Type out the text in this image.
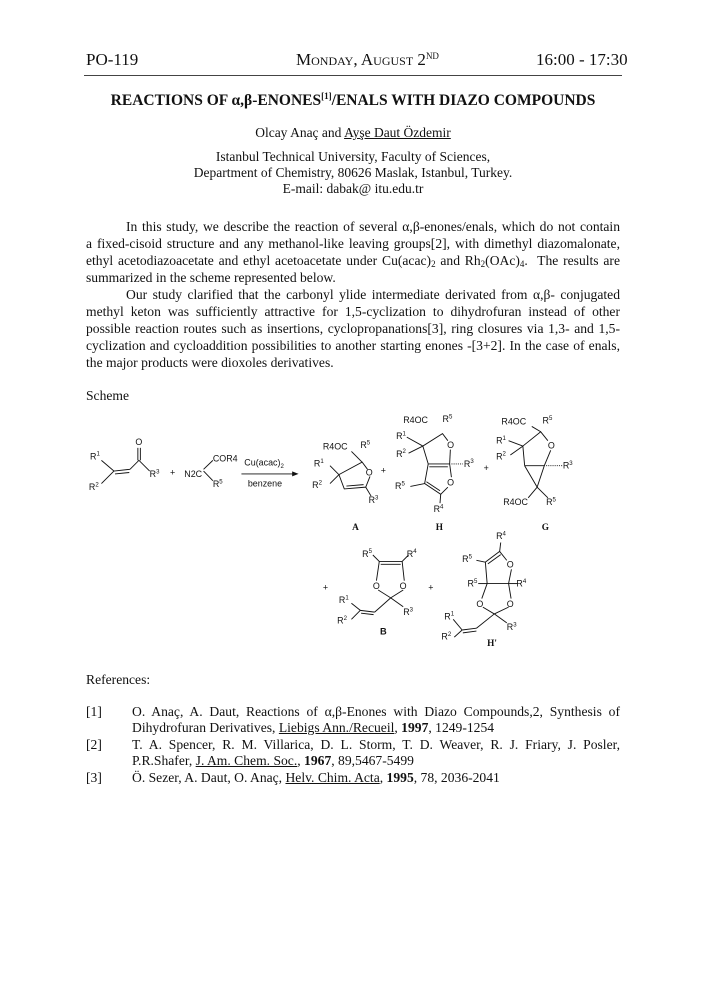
PO-119	Monday, August 2ND	16:00 - 17:30
REACTIONS OF α,β-ENONES[1]/ENALS WITH DIAZO COMPOUNDS
Olcay Anaç and Ayşe Daut Özdemir
Istanbul Technical University, Faculty of Sciences,
Department of Chemistry, 80626 Maslak, Istanbul, Turkey.
E-mail: dabak@ itu.edu.tr
In this study, we describe the reaction of several α,β-enones/enals, which do not contain
a fixed-cisoid structure and any methanol-like leaving groups[2], with dimethyl diazomalonate,
ethyl acetodiazoacetate and ethyl acetoacetate under $Cu(acac)_2$ and $Rh_2(OAc)_4$.  The results are
summarized in the scheme represented below.
Our study clarified that the carbonyl ylide intermediate derivated from α,β- conjugated
methyl keton was sufficiently attractive for 1,5-cyclization to dihydrofuran instead of other
possible reaction routes such as insertions, cyclopropanations[3], ring closures via 1,3- and 1,5-
cyclization and cycloaddition possibilities to another starting enones -[3+2]. In the case of enals,
the major products were dioxoles derivatives.
Scheme
O
$R^1$
$R^2$
$R^3 + N2C$
COR4
$R^5$
$Cu(acac)_2$
benzene
O
R4OC $R^5$
$R^1$
$R^2$
$R^3$
+
O
O
R4OC $R^5$
$R^1$
$R^2$
$R^3$
$R^5$
$R^4$
+
O
R4OC $R^5$
$R^1$
$R^2$
$R^3$
R4OC $R^5$
A	H	G
+ O O
$R^5$ $R^4$
$R^3$
$R^1$
$R^2$
B
+
O
O O
$R^4$
$R^5$
$R^5$ $R^4$
$R^3$
$R^1$
$R^2$
H'
References:
[1] O. Anaç, A. Daut, Reactions of α,β-Enones with Diazo Compounds,2, Synthesis of
Dihydrofuran Derivatives, Liebigs Ann./Recueil, 1997, 1249-1254
[2] T. A. Spencer, R. M. Villarica, D. L. Storm, T. D. Weaver, R. J. Friary, J. Posler,
P.R.Shafer, J. Am. Chem. Soc., 1967, 89,5467-5499
[3] Ö. Sezer, A. Daut, O. Anaç, Helv. Chim. Acta, 1995, 78, 2036-2041
